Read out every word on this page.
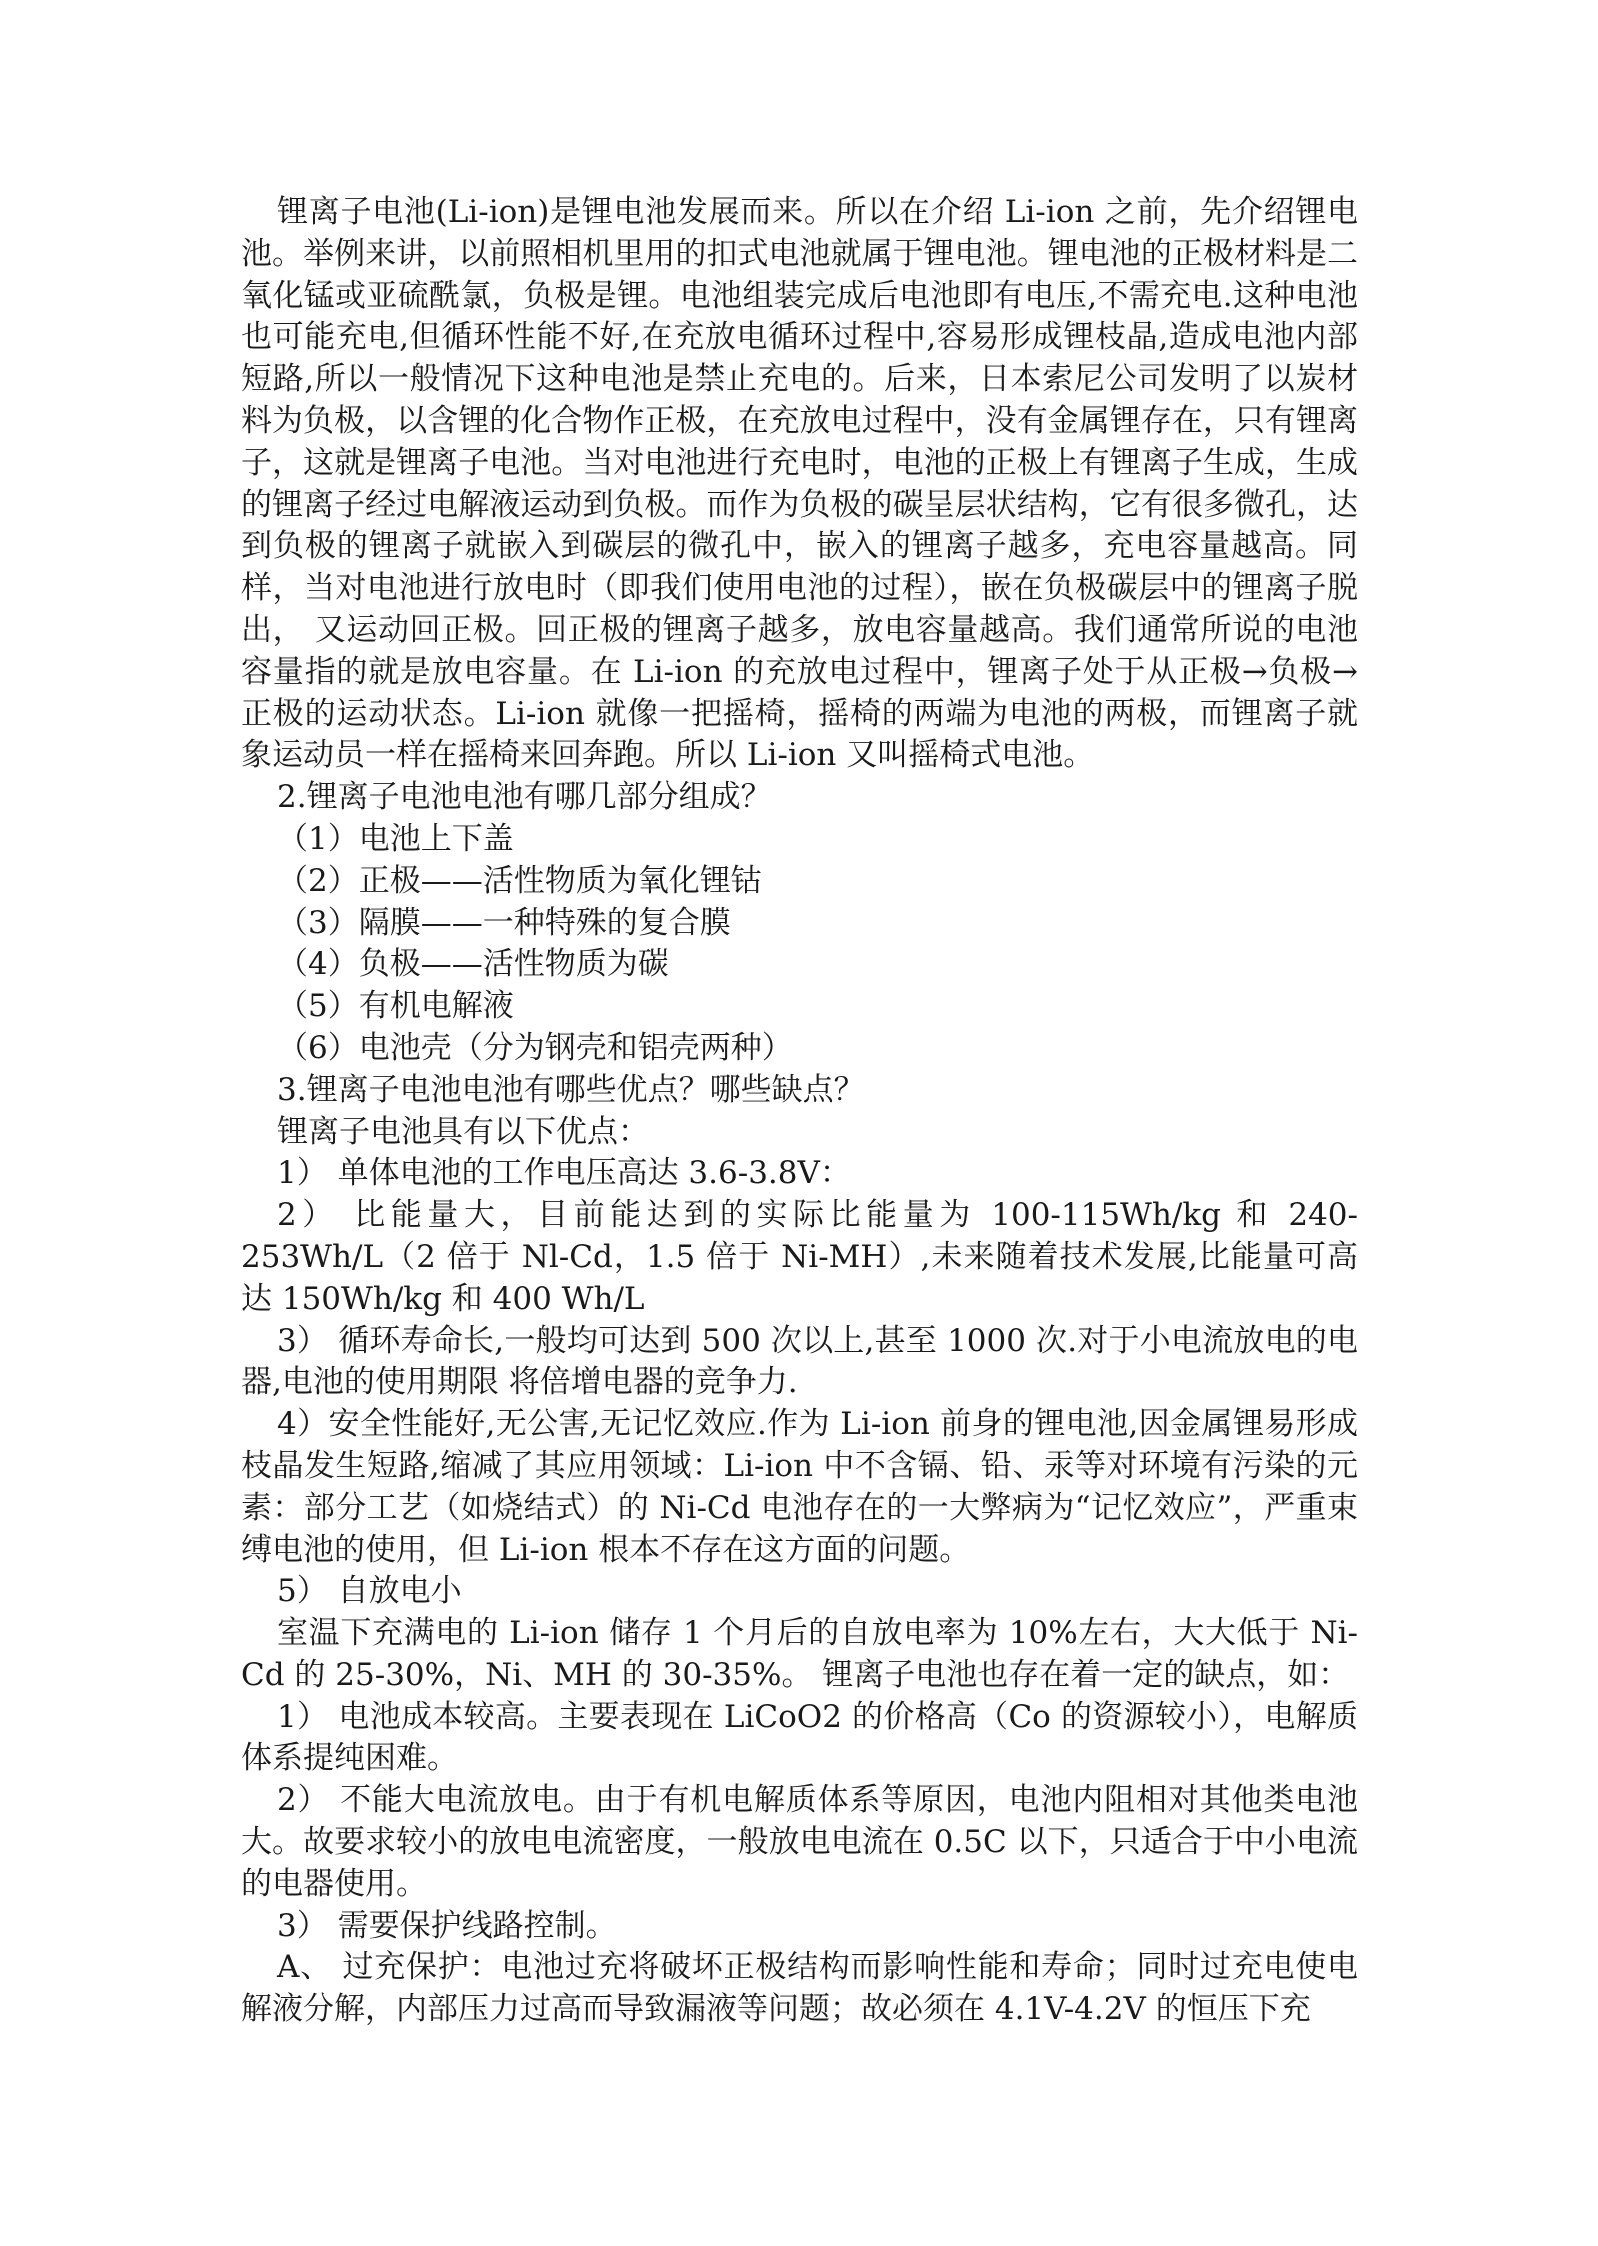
锂离子电池(Li-ion)是锂电池发展而来。所以在介绍 Li-ion 之前，先介绍锂电池。举例来讲，以前照相机里用的扣式电池就属于锂电池。锂电池的正极材料是二氧化锰或亚硫酰氯，负极是锂。电池组装完成后电池即有电压,不需充电.这种电池也可能充电,但循环性能不好,在充放电循环过程中,容易形成锂枝晶,造成电池内部短路,所以一般情况下这种电池是禁止充电的。后来，日本索尼公司发明了以炭材料为负极，以含锂的化合物作正极，在充放电过程中，没有金属锂存在，只有锂离子，这就是锂离子电池。当对电池进行充电时，电池的正极上有锂离子生成，生成的锂离子经过电解液运动到负极。而作为负极的碳呈层状结构，它有很多微孔，达到负极的锂离子就嵌入到碳层的微孔中，嵌入的锂离子越多，充电容量越高。同样，当对电池进行放电时（即我们使用电池的过程），嵌在负极碳层中的锂离子脱出， 又运动回正极。回正极的锂离子越多，放电容量越高。我们通常所说的电池容量指的就是放电容量。在 Li-ion 的充放电过程中，锂离子处于从正极→负极→正极的运动状态。Li-ion 就像一把摇椅，摇椅的两端为电池的两极，而锂离子就象运动员一样在摇椅来回奔跑。所以 Li-ion 又叫摇椅式电池。

2.锂离子电池电池有哪几部分组成？

（1）电池上下盖

（2）正极——活性物质为氧化锂钴

（3）隔膜——一种特殊的复合膜

（4）负极——活性物质为碳

（5）有机电解液

（6）电池壳（分为钢壳和铝壳两种）

3.锂离子电池电池有哪些优点？哪些缺点？

锂离子电池具有以下优点：

1） 单体电池的工作电压高达 3.6-3.8V：

2） 比能量大，目前能达到的实际比能量为 100-115Wh/kg 和 240-253Wh/L（2 倍于 Nl-Cd，1.5 倍于 Ni-MH）,未来随着技术发展,比能量可高达 150Wh/kg 和 400 Wh/L

3） 循环寿命长,一般均可达到 500 次以上,甚至 1000 次.对于小电流放电的电器,电池的使用期限 将倍增电器的竞争力.

4）安全性能好,无公害,无记忆效应.作为 Li-ion 前身的锂电池,因金属锂易形成枝晶发生短路,缩减了其应用领域：Li-ion 中不含镉、铅、汞等对环境有污染的元素：部分工艺（如烧结式）的 Ni-Cd 电池存在的一大弊病为“记忆效应”，严重束缚电池的使用，但 Li-ion 根本不存在这方面的问题。

5） 自放电小

室温下充满电的 Li-ion 储存 1 个月后的自放电率为 10%左右，大大低于 Ni-Cd 的 25-30%，Ni、MH 的 30-35%。 锂离子电池也存在着一定的缺点，如：

1） 电池成本较高。主要表现在 LiCoO2 的价格高（Co 的资源较小），电解质体系提纯困难。

2） 不能大电流放电。由于有机电解质体系等原因，电池内阻相对其他类电池大。故要求较小的放电电流密度，一般放电电流在 0.5C 以下，只适合于中小电流的电器使用。

3） 需要保护线路控制。

A、 过充保护：电池过充将破坏正极结构而影响性能和寿命；同时过充电使电解液分解，内部压力过高而导致漏液等问题；故必须在 4.1V-4.2V 的恒压下充
